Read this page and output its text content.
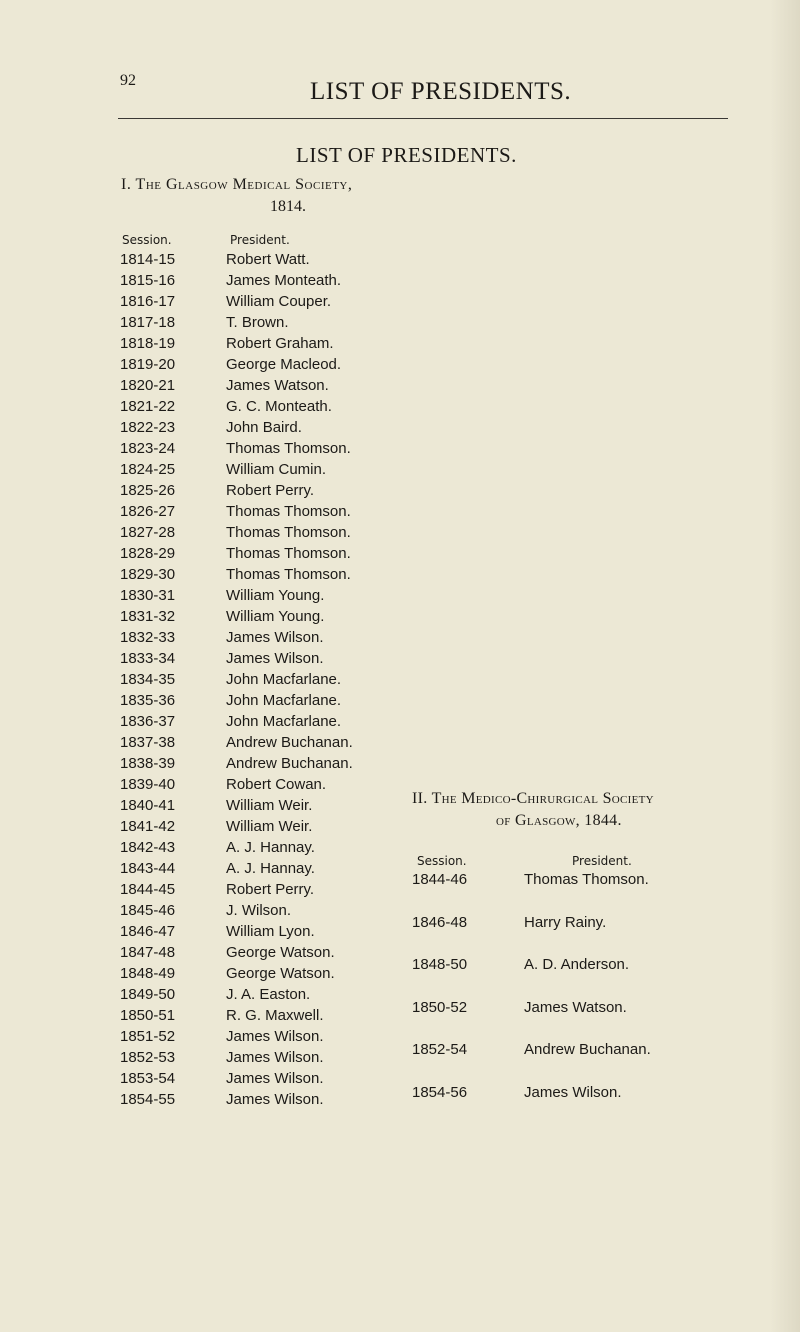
92	LIST OF PRESIDENTS.
LIST OF PRESIDENTS.
I. The Glasgow Medical Society,
1814.
Session.	President.
1814-15	Robert Watt.
1815-16	James Monteath.
1816-17	William Couper.
1817-18	T. Brown.
1818-19	Robert Graham.
1819-20	George Macleod.
1820-21	James Watson.
1821-22	G. C. Monteath.
1822-23	John Baird.
1823-24	Thomas Thomson.
1824-25	William Cumin.
1825-26	Robert Perry.
1826-27	Thomas Thomson.
1827-28	Thomas Thomson.
1828-29	Thomas Thomson.
1829-30	Thomas Thomson.
1830-31	William Young.
1831-32	William Young.
1832-33	James Wilson.
1833-34	James Wilson.
1834-35	John Macfarlane.
1835-36	John Macfarlane.
1836-37	John Macfarlane.
1837-38	Andrew Buchanan.
1838-39	Andrew Buchanan.
1839-40	Robert Cowan.
1840-41	William Weir.
1841-42	William Weir.
1842-43	A. J. Hannay.
1843-44	A. J. Hannay.
1844-45	Robert Perry.
1845-46	J. Wilson.
1846-47	William Lyon.
1847-48	George Watson.
1848-49	George Watson.
1849-50	J. A. Easton.
1850-51	R. G. Maxwell.
1851-52	James Wilson.
1852-53	James Wilson.
1853-54	James Wilson.
1854-55	James Wilson.
II. The Medico-Chirurgical Society
of Glasgow, 1844.
Session.	President.
1844-46	Thomas Thomson.
1846-48	Harry Rainy.
1848-50	A. D. Anderson.
1850-52	James Watson.
1852-54	Andrew Buchanan.
1854-56	James Wilson.
